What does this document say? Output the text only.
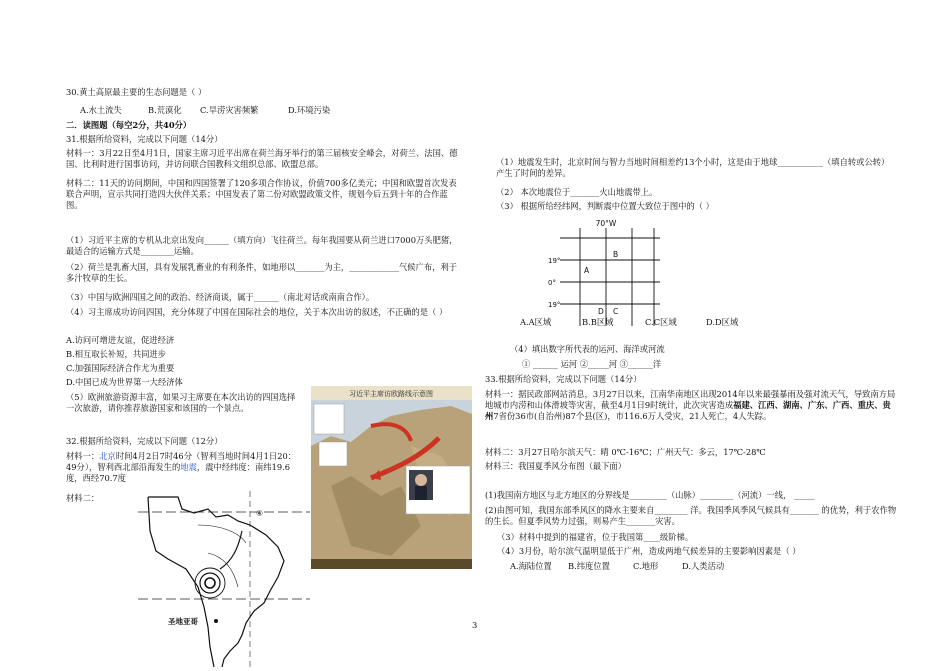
30.黄土高原最主要的生态问题是（ ）
A.水土流失	B.荒漠化 C.旱涝灾害频繁	D.环境污染
二．读图题（每空2分，共40分）
31.根据所给资料，完成以下问题（14分）
材料一：3月22日至4月1日，国家主席习近平出席在荷兰海牙举行的第三届核安全峰会，对荷兰、法国、德国、比利时进行国事访问，并访问联合国教科文组织总部、欧盟总部。
材料二：11天的访问期间，中国和四国签署了120多项合作协议，价值700多亿美元；中国和欧盟首次发表联合声明，宣示共同打造四大伙伴关系；中国发表了第二份对欧盟政策文件，规划今后五到十年的合作蓝图。
（1）习近平主席的专机从北京出发向______（填方向）飞往荷兰。每年我国要从荷兰进口7000万头肥猪，最适合的运输方式是________运输。
（2）荷兰是乳畜大国，具有发展乳畜业的有利条件，如地形以_______为主，____________气候广布，利于多汁牧草的生长。
（3）中国与欧洲四国之间的政治、经济商谈，属于______（南北对话或南南合作）。
（4）习主席成功访问四国，充分体现了中国在国际社会的地位，关于本次出访的叙述，不正确的是（ ）
A.访问可增进友谊，促进经济
B.相互取长补短，共同进步
C.加强国际经济合作尤为重要
D.中国已成为世界第一大经济体
（5）欧洲旅游资源丰富，如果习主席要在本次出访的四国选择一次旅游，请你推荐旅游国家和该国的一个景点。
习近平主席访欧路线示意图
32.根据所给资料，完成以下问题（12分）
材料一：北京时间4月2日7时46分（智利当地时间4月1日20：49分），智利西北部沿海发生的地震，震中经纬度：南纬19.6度，西经70.7度
材料二：
④
圣地亚哥
（1）地震发生时，北京时间与智力当地时间相差约13个小时，这是由于地球___________（填自转或公转）产生了时间的差异。
（2） 本次地震位于_______火山地震带上。
（3） 根据所给经纬网，判断震中位置大致位于图中的（ ）
70°W
19°
0°
19°
A
B
C
D
A.A区域	B.B区域	C.C区域	D.D区域
（4）填出数字所代表的运河、海洋或河流
① ______ 运河 ②_____河 ③______洋
33.根据所给资料，完成以下问题（14分）
材料一：据民政部网站消息，3月27日以来，江南华南地区出现2014年以来最强暴雨及强对流天气，导致南方局地城市内涝和山体滑坡等灾害，截至4月1日9时统计，此次灾害造成福建、江西、湖南、广东、广西、重庆、贵州7省份36市(自治州)87个县(区)，市116.6万人受灾，21人死亡，4人失踪。
材料二：3月27日哈尔滨天气：晴 0℃-16℃；广州天气：多云，17℃-28℃
材料三：我国夏季风分布图（最下面）
(1)我国南方地区与北方地区的分界线是_________（山脉）________（河流）一线， _____
(2)由图可知，我国东部季风区的降水主要来自________ 洋。我国季风季风气候具有_______ 的优势，利于农作物的生长。但夏季风势力过强，则易产生_______灾害。
（3）材料中提到的福建省，位于我国第____级阶梯。
（4）3月份，哈尔滨气温明显低于广州，造成两地气候差异的主要影响因素是（ ）
A.海陆位置 B.纬度位置	C.地形	D.人类活动
3
